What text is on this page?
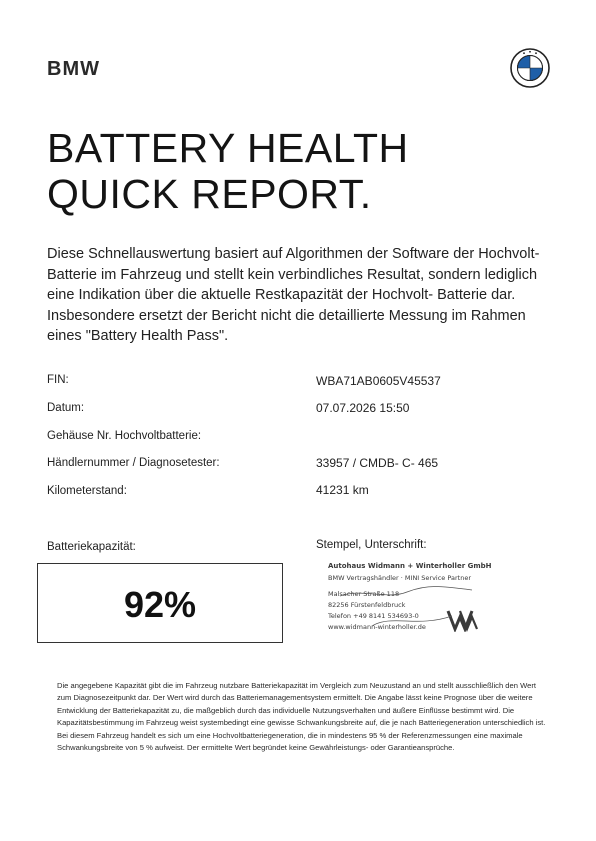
BMW
BATTERY HEALTH
QUICK REPORT.
Diese Schnellauswertung basiert auf Algorithmen der Software der Hochvolt- Batterie im Fahrzeug und stellt kein verbindliches Resultat, sondern lediglich eine Indikation über die aktuelle Restkapazität der Hochvolt- Batterie dar. Insbesondere ersetzt der Bericht nicht die detaillierte Messung im Rahmen eines "Battery Health Pass".
FIN:	WBA71AB0605V45537
Datum:	07.07.2026 15:50
Gehäuse Nr. Hochvoltbatterie:
Händlernummer / Diagnosetester:	33957 / CMDB- C- 465
Kilometerstand:	41231 km
Batteriekapazität:
92%
Stempel, Unterschrift:
Autohaus Widmann + Winterholler GmbH
BMW Vertragshändler · MINI Service Partner
Malsacher Straße 118
82256 Fürstenfeldbruck
Telefon +49 8141 534693-0
www.widmann-winterholler.de
Die angegebene Kapazität gibt die im Fahrzeug nutzbare Batteriekapazität im Vergleich zum Neuzustand an und stellt ausschließlich den Wert zum Diagnosezeitpunkt dar. Der Wert wird durch das Batteriemanagementsystem ermittelt. Die Angabe lässt keine Prognose über die weitere Entwicklung der Batteriekapazität zu, die maßgeblich durch das individuelle Nutzungsverhalten und äußere Einflüsse bestimmt wird. Die Kapazitätsbestimmung im Fahrzeug weist systembedingt eine gewisse Schwankungsbreite auf, die je nach Batteriegeneration unterschiedlich ist. Bei diesem Fahrzeug handelt es sich um eine Hochvoltbatteriegeneration, die in mindestens 95 % der Referenzmessungen eine maximale Schwankungsbreite von 5 % aufweist. Der ermittelte Wert begründet keine Gewährleistungs- oder Garantieansprüche.
